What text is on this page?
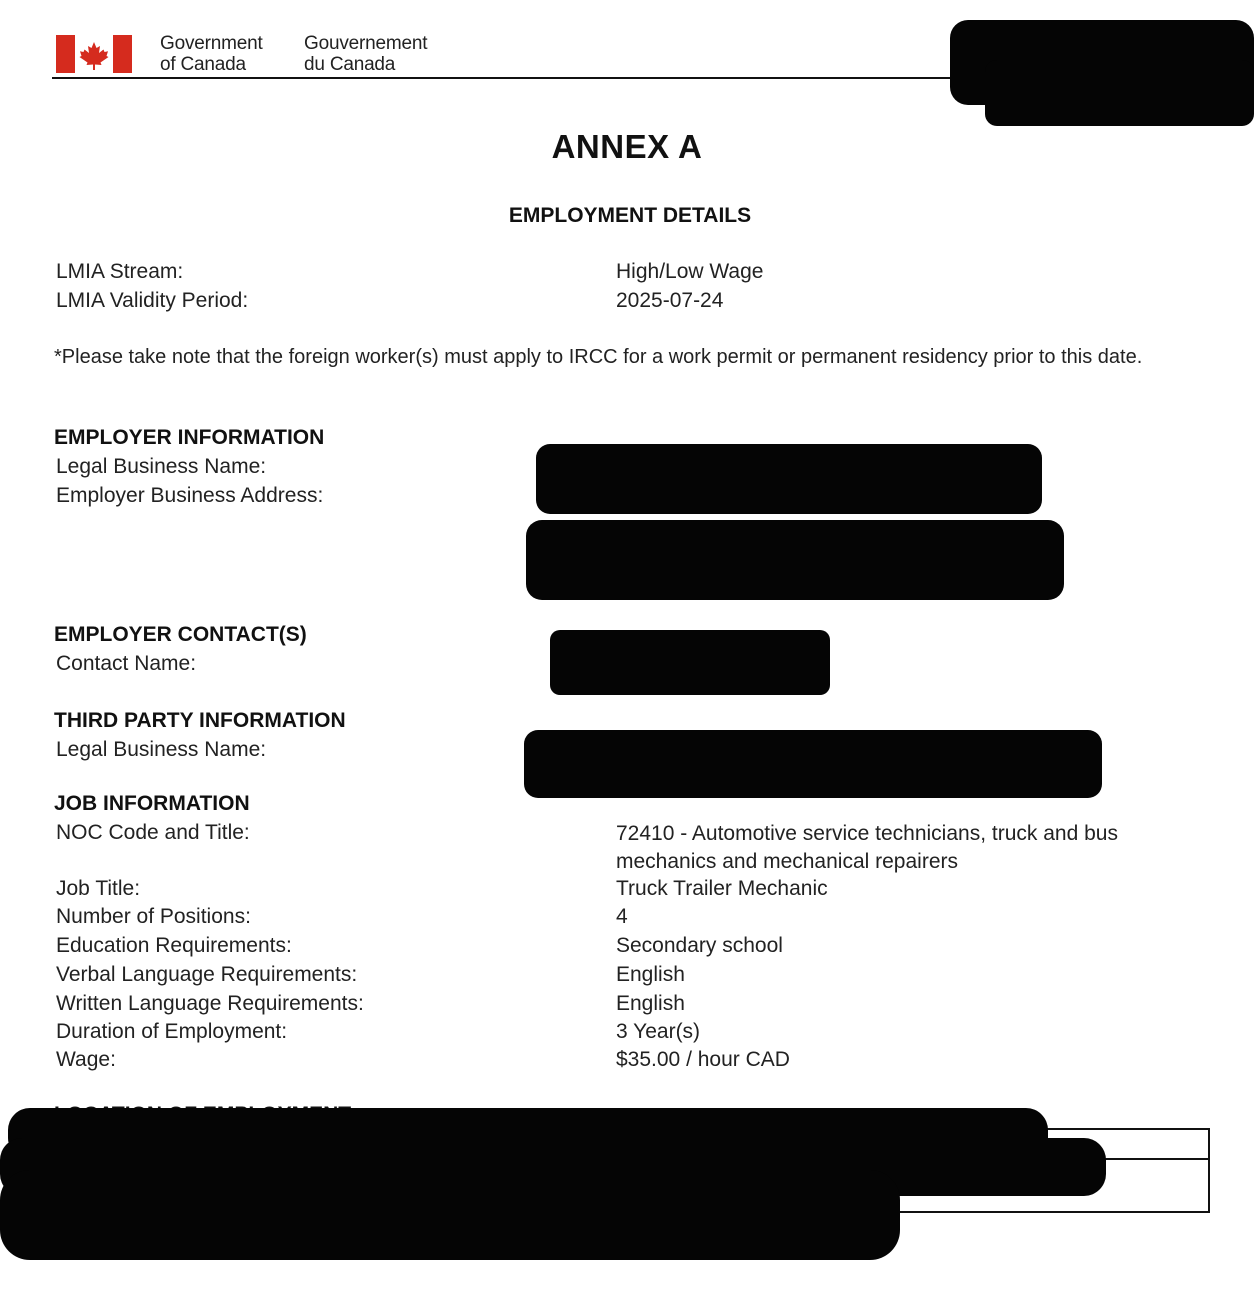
Government
of Canada
Gouvernement
du Canada
ANNEX A
EMPLOYMENT DETAILS
LMIA Stream:	High/Low Wage
LMIA Validity Period:	2025-07-24
*Please take note that the foreign worker(s) must apply to IRCC for a work permit or permanent residency prior to this date.
EMPLOYER INFORMATION
Legal Business Name:
Employer Business Address:
EMPLOYER CONTACT(S)
Contact Name:
THIRD PARTY INFORMATION
Legal Business Name:
JOB INFORMATION
NOC Code and Title:	72410 - Automotive service technicians, truck and bus mechanics and mechanical repairers
Job Title:	Truck Trailer Mechanic
Number of Positions:	4
Education Requirements:	Secondary school
Verbal Language Requirements:	English
Written Language Requirements:	English
Duration of Employment:	3 Year(s)
Wage:	$35.00 / hour CAD
